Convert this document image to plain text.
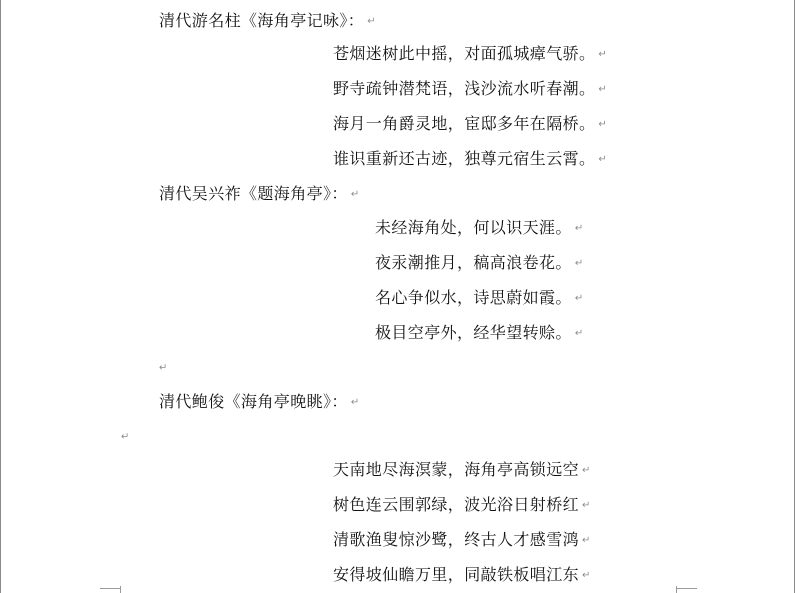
清代游名柱《海角亭记咏》： ↵
苍烟迷树此中摇，对面孤城瘴气骄。 ↵
野寺疏钟潜梵语，浅沙流水听春潮。 ↵
海月一角爵灵地，宦邸多年在隔桥。 ↵
谁识重新还古迹，独尊元宿生云霄。 ↵
清代吴兴祚《题海角亭》： ↵
未经海角处，何以识天涯。 ↵
夜汞潮推月，稿高浪卷花。 ↵
名心争似水，诗思蔚如霞。 ↵
极目空亭外，经华望转赊。 ↵
↵
清代鲍俊《海角亭晚眺》： ↵
↵
天南地尽海溟蒙，海角亭高锁远空 ↵
树色连云围郭绿，波光浴日射桥红 ↵
清歌渔叟惊沙鹭，终古人才感雪鸿 ↵
安得坡仙瞻万里，同敲铁板唱江东 ↵
